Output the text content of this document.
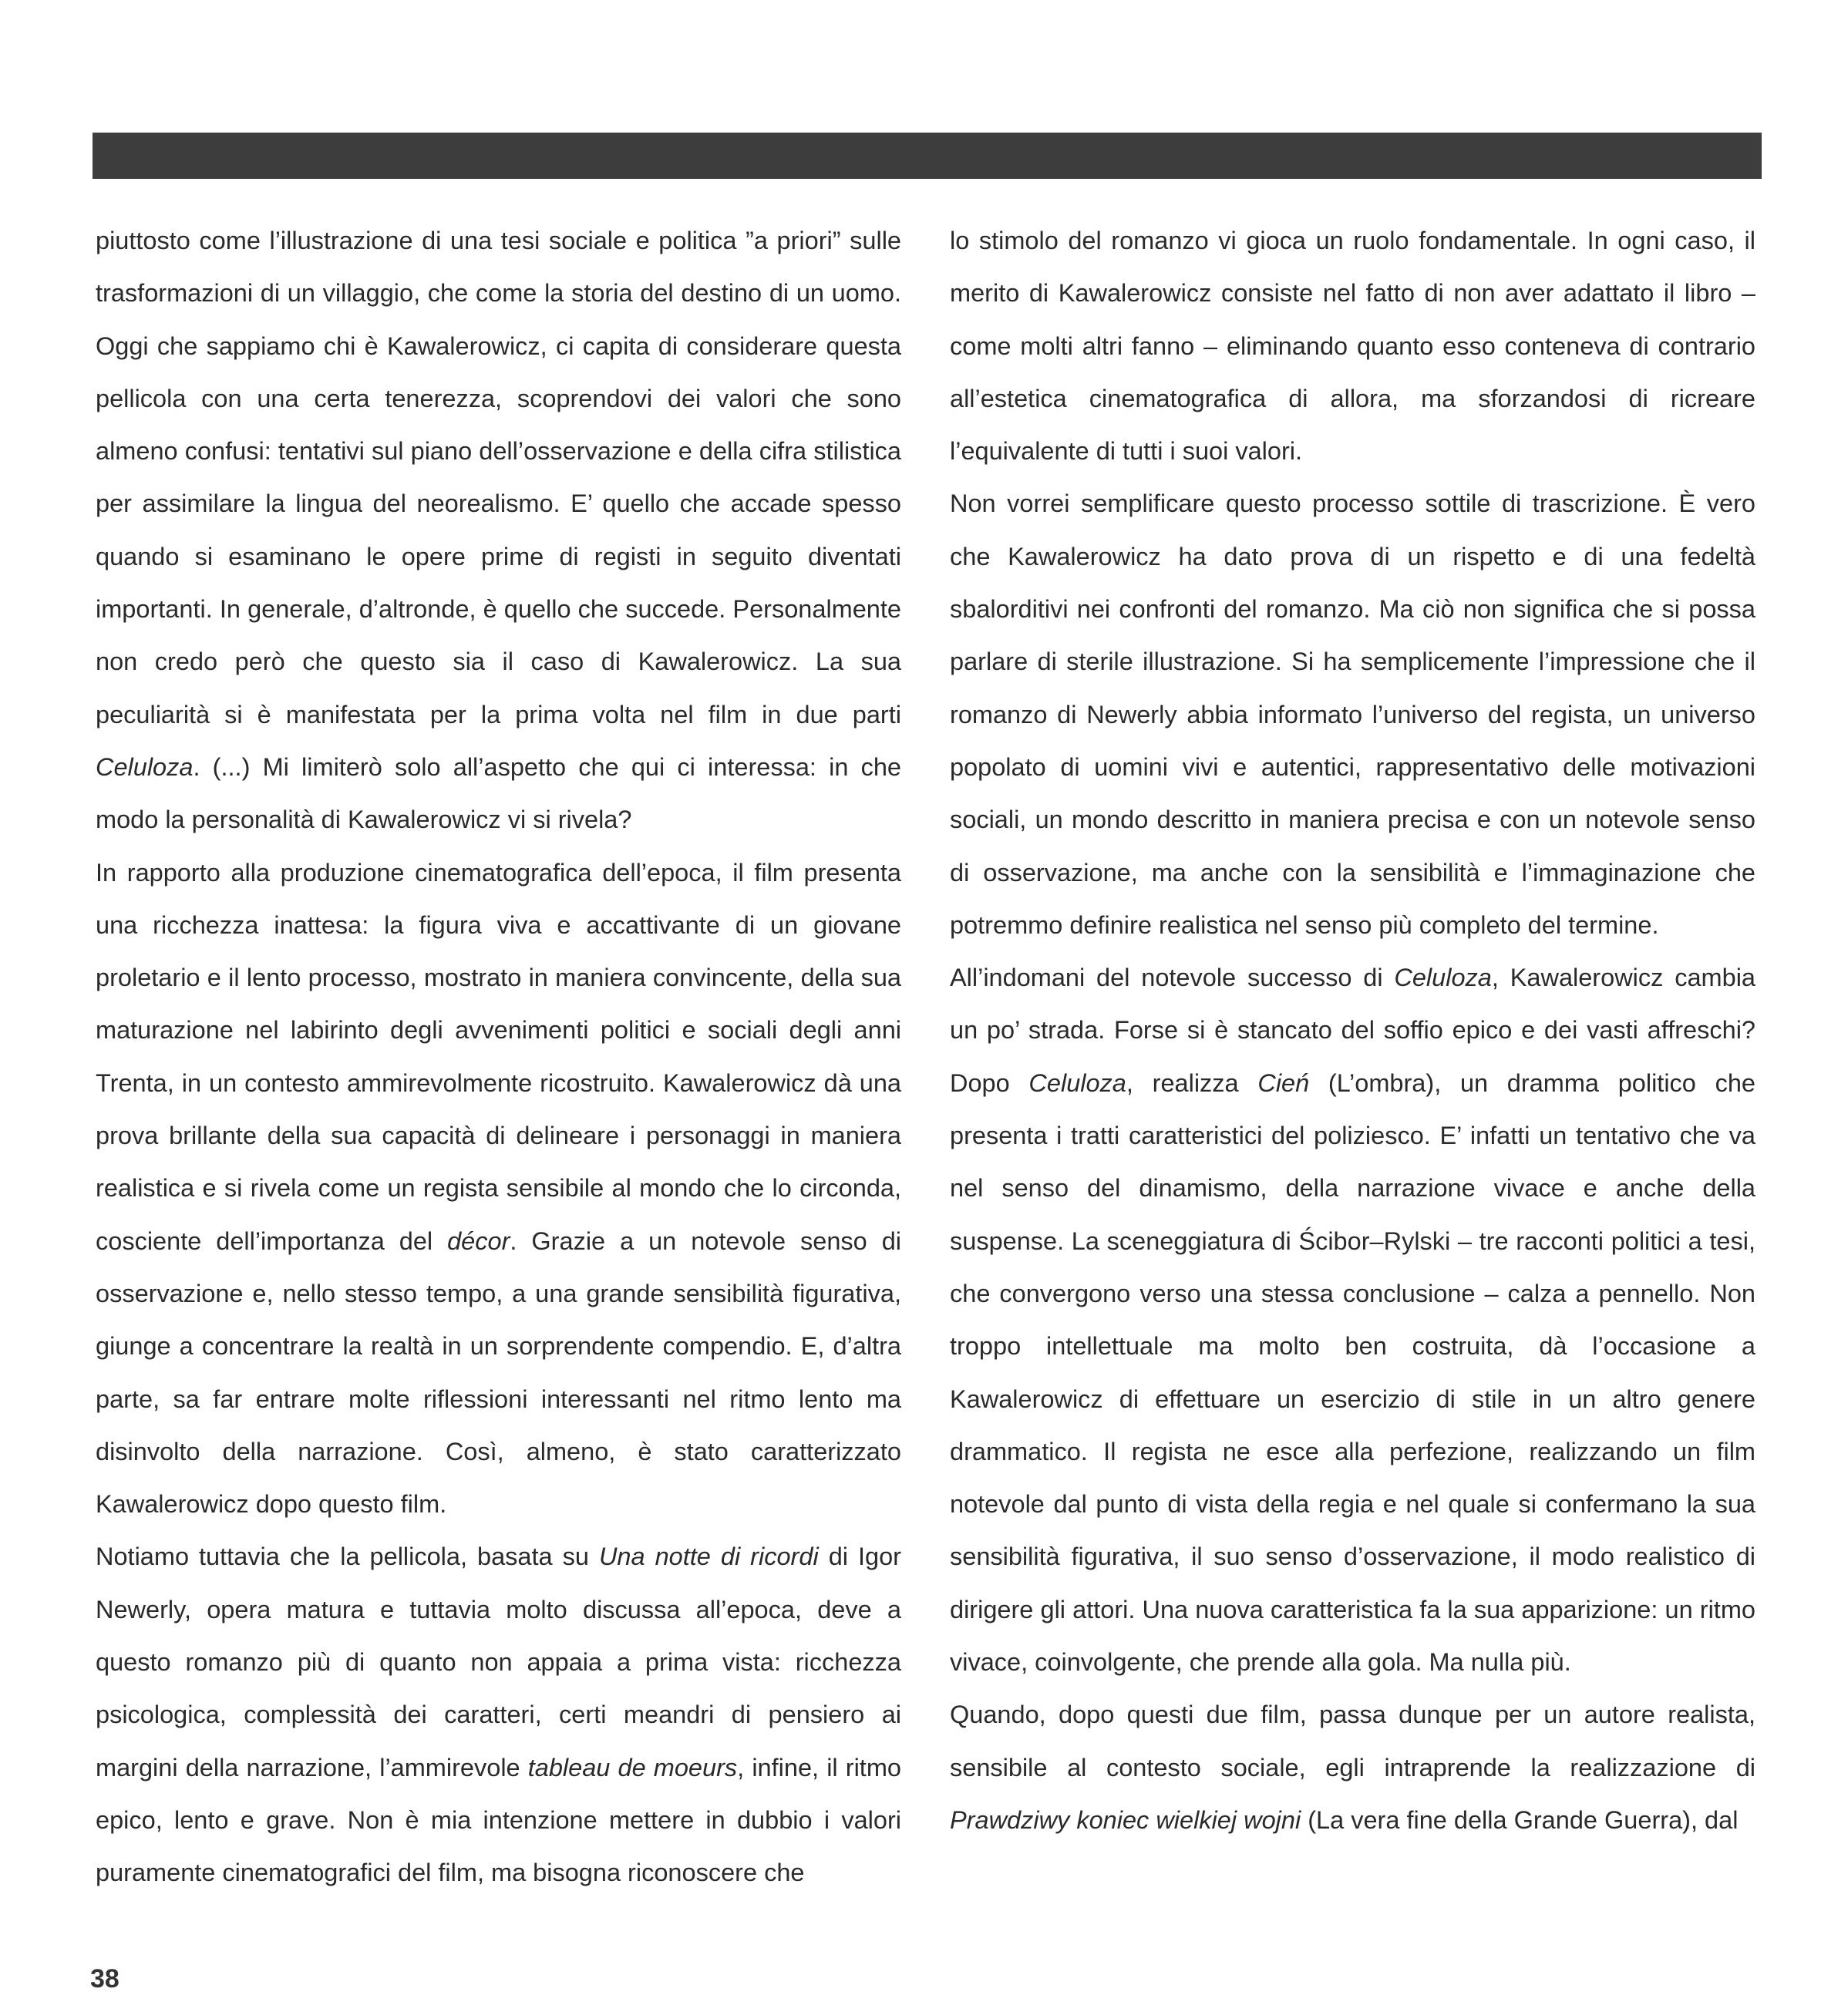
piuttosto come l’illustrazione di una tesi sociale e politica ”a priori” sulle trasformazioni di un villaggio, che come la storia del destino di un uomo. Oggi che sappiamo chi è Kawalerowicz, ci capita di considerare questa pellicola con una certa tenerezza, scoprendovi dei valori che sono almeno confusi: tentativi sul piano dell’osservazione e della cifra stilistica per assimilare la lingua del neorealismo. E’ quello che accade spesso quando si esaminano le opere prime di registi in seguito diventati importanti. In generale, d’altronde, è quello che succede. Personalmente non credo però che questo sia il caso di Kawalerowicz. La sua peculiarità si è manifestata per la prima volta nel film in due parti Celuloza. (...) Mi limiterò solo all’aspetto che qui ci interessa: in che modo la personalità di Kawalerowicz vi si rivela?

In rapporto alla produzione cinematografica dell’epoca, il film presenta una ricchezza inattesa: la figura viva e accattivante di un giovane proletario e il lento processo, mostrato in maniera convincente, della sua maturazione nel labirinto degli avvenimenti politici e sociali degli anni Trenta, in un contesto ammirevolmente ricostruito. Kawalerowicz dà una prova brillante della sua capacità di delineare i personaggi in maniera realistica e si rivela come un regista sensibile al mondo che lo circonda, cosciente dell’importanza del décor. Grazie a un notevole senso di osservazione e, nello stesso tempo, a una grande sensibilità figurativa, giunge a concentrare la realtà in un sorprendente compendio. E, d’altra parte, sa far entrare molte riflessioni interessanti nel ritmo lento ma disinvolto della narrazione. Così, almeno, è stato caratterizzato Kawalerowicz dopo questo film.

Notiamo tuttavia che la pellicola, basata su Una notte di ricordi di Igor Newerly, opera matura e tuttavia molto discussa all’epoca, deve a questo romanzo più di quanto non appaia a prima vista: ricchezza psicologica, complessità dei caratteri, certi meandri di pensiero ai margini della narrazione, l’ammirevole tableau de moeurs, infine, il ritmo epico, lento e grave. Non è mia intenzione mettere in dubbio i valori puramente cinematografici del film, ma bisogna riconoscere che

lo stimolo del romanzo vi gioca un ruolo fondamentale. In ogni caso, il merito di Kawalerowicz consiste nel fatto di non aver adattato il libro – come molti altri fanno – eliminando quanto esso conteneva di contrario all’estetica cinematografica di allora, ma sforzandosi di ricreare l’equivalente di tutti i suoi valori.

Non vorrei semplificare questo processo sottile di trascrizione. È vero che Kawalerowicz ha dato prova di un rispetto e di una fedeltà sbalorditivi nei confronti del romanzo. Ma ciò non significa che si possa parlare di sterile illustrazione. Si ha semplicemente l’impressione che il romanzo di Newerly abbia informato l’universo del regista, un universo popolato di uomini vivi e autentici, rappresentativo delle motivazioni sociali, un mondo descritto in maniera precisa e con un notevole senso di osservazione, ma anche con la sensibilità e l’immaginazione che potremmo definire realistica nel senso più completo del termine.

All’indomani del notevole successo di Celuloza, Kawalerowicz cambia un po’ strada. Forse si è stancato del soffio epico e dei vasti affreschi? Dopo Celuloza, realizza Cień (L’ombra), un dramma politico che presenta i tratti caratteristici del poliziesco. E’ infatti un tentativo che va nel senso del dinamismo, della narrazione vivace e anche della suspense. La sceneggiatura di Ścibor–Rylski – tre racconti politici a tesi, che convergono verso una stessa conclusione – calza a pennello. Non troppo intellettuale ma molto ben costruita, dà l’occasione a Kawalerowicz di effettuare un esercizio di stile in un altro genere drammatico. Il regista ne esce alla perfezione, realizzando un film notevole dal punto di vista della regia e nel quale si confermano la sua sensibilità figurativa, il suo senso d’osservazione, il modo realistico di dirigere gli attori. Una nuova caratteristica fa la sua apparizione: un ritmo vivace, coinvolgente, che prende alla gola. Ma nulla più.

Quando, dopo questi due film, passa dunque per un autore realista, sensibile al contesto sociale, egli intraprende la realizzazione di Prawdziwy koniec wielkiej wojni (La vera fine della Grande Guerra), dal

38
